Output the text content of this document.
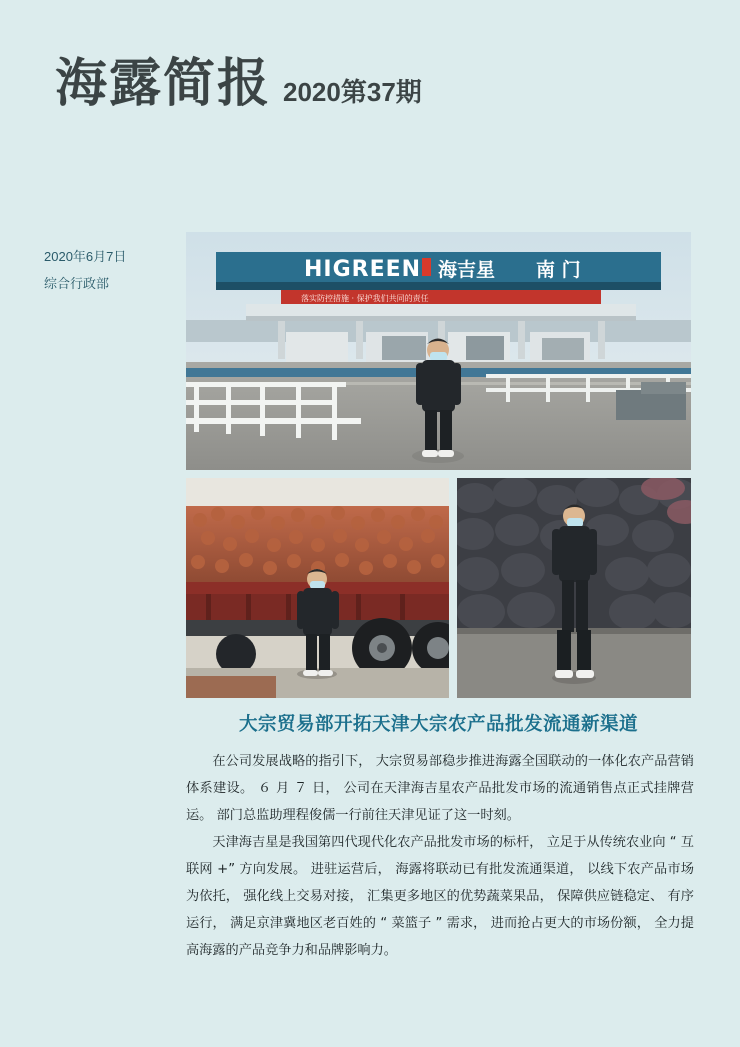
海露简报 2020第37期
2020年6月7日
综合行政部
HIGREEN 海吉星 南 门
落实防控措施 · 保护我们共同的责任
大宗贸易部开拓天津大宗农产品批发流通新渠道

在公司发展战略的指引下， 大宗贸易部稳步推进海露全国联动的一体化农产品营销体系建设。 ６ 月 ７ 日， 公司在天津海吉星农产品批发市场的流通销售点正式挂牌营运。 部门总监助理程俊儒一行前往天津见证了这一时刻。

天津海吉星是我国第四代现代化农产品批发市场的标杆， 立足于从传统农业向 “ 互联网 +” 方向发展。 进驻运营后， 海露将联动已有批发流通渠道， 以线下农产品市场为依托， 强化线上交易对接， 汇集更多地区的优势蔬菜果品， 保障供应链稳定、 有序运行， 满足京津冀地区老百姓的 “ 菜篮子 ” 需求， 进而抢占更大的市场份额， 全力提高海露的产品竞争力和品牌影响力。
